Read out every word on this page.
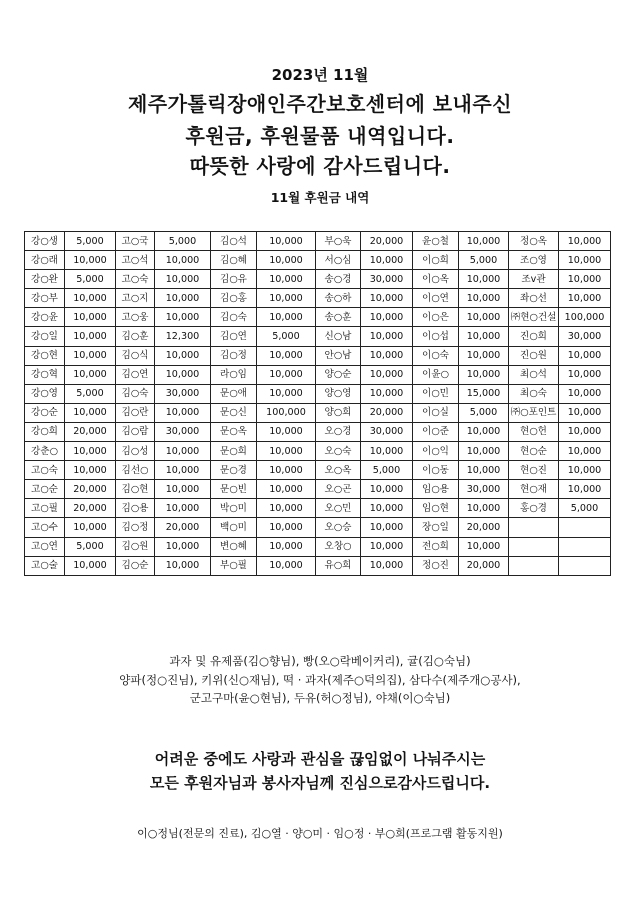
2023년 11월
제주가톨릭장애인주간보호센터에 보내주신
후원금, 후원물품 내역입니다.
따뜻한 사랑에 감사드립니다.
11월 후원금 내역
강○생	5,000	고○국	5,000	김○석	10,000	부○욱	20,000	윤○철	10,000	정○옥	10,000
강○래	10,000	고○석	10,000	김○혜	10,000	서○심	10,000	이○희	5,000	조○영	10,000
강○완	5,000	고○숙	10,000	김○유	10,000	송○경	30,000	이○옥	10,000	조v관	10,000
강○부	10,000	고○지	10,000	김○홍	10,000	송○하	10,000	이○연	10,000	좌○선	10,000
강○윤	10,000	고○웅	10,000	김○숙	10,000	송○훈	10,000	이○은	10,000	㈜현○건설	100,000
강○일	10,000	김○훈	12,300	김○연	5,000	신○남	10,000	이○섭	10,000	진○희	30,000
강○현	10,000	김○식	10,000	김○정	10,000	안○남	10,000	이○숙	10,000	진○원	10,000
강○혁	10,000	김○연	10,000	라○임	10,000	양○순	10,000	이윤○	10,000	최○석	10,000
강○영	5,000	김○숙	30,000	문○애	10,000	양○영	10,000	이○민	15,000	최○숙	10,000
강○순	10,000	김○란	10,000	문○신	100,000	양○희	20,000	이○실	5,000	㈜○포인트	10,000
강○희	20,000	김○람	30,000	문○옥	10,000	오○경	30,000	이○준	10,000	현○헌	10,000
강춘○	10,000	김○성	10,000	문○희	10,000	오○숙	10,000	이○익	10,000	현○순	10,000
고○숙	10,000	김선○	10,000	문○경	10,000	오○옥	5,000	이○동	10,000	현○진	10,000
고○순	20,000	김○현	10,000	문○빈	10,000	오○곤	10,000	임○용	30,000	현○재	10,000
고○필	20,000	김○용	10,000	박○미	10,000	오○민	10,000	임○현	10,000	홍○경	5,000
고○수	10,000	김○정	20,000	백○미	10,000	오○승	10,000	장○일	20,000		
고○연	5,000	김○원	10,000	변○혜	10,000	오창○	10,000	전○희	10,000		
고○술	10,000	김○순	10,000	부○필	10,000	유○희	10,000	정○진	20,000		
과자 및 유제품(김○향님), 빵(오○락베이커리), 귤(김○숙님)
양파(정○진님), 키위(신○재님), 떡 · 과자(제주○덕의집), 삼다수(제주개○공사),
군고구마(윤○현님), 두유(허○정님), 야채(이○숙님)
어려운 중에도 사랑과 관심을 끊임없이 나눠주시는
모든 후원자님과 봉사자님께 진심으로감사드립니다.
이○정님(전문의 진료), 김○열 · 양○미 · 임○정 · 부○희(프로그램 활동지원)
